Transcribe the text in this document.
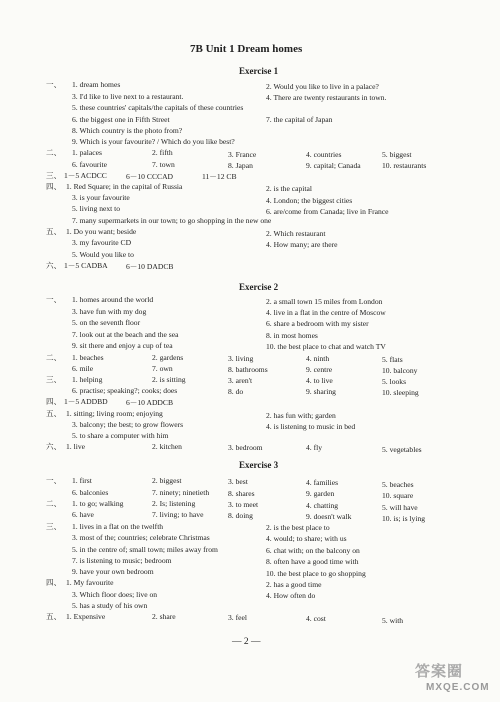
7B Unit 1 Dream homes
Exercise 1
一、 1. dream homes	2. Would you like to live in a palace?
3. I'd like to live next to a restaurant.	4. There are twenty restaurants in town.
5. these countries' capitals/the capitals of these countries
6. the biggest one in Fifth Street	7. the capital of Japan
8. Which country is the photo from?
9. Which is your favourite? / Which do you like best?
二、 1. palaces	2. fifth	3. France	4. countries	5. biggest
6. favourite	7. town	8. Japan	9. capital; Canada	10. restaurants
三、 1－5 ACDCC	6－10 CCCAD	11－12 CB
四、 1. Red Square; in the capital of Russia	2. is the capital
3. is your favourite	4. London; the biggest cities
5. living next to	6. are/come from Canada; live in France
7. many supermarkets in our town; to go shopping in the new one
五、 1. Do you want; beside	2. Which restaurant
3. my favourite CD	4. How many; are there
5. Would you like to
六、 1－5 CADBA 6－10 DADCB
Exercise 2
一、 1. homes around the world	2. a small town 15 miles from London
3. have fun with my dog	4. live in a flat in the centre of Moscow
5. on the seventh floor	6. share a bedroom with my sister
7. look out at the beach and the sea	8. in most homes
9. sit there and enjoy a cup of tea	10. the best place to chat and watch TV
二、 1. beaches	2. gardens	3. living	4. ninth	5. flats
6. mile	7. own	8. bathrooms	9. centre	10. balcony
三、 1. helping	2. is sitting	3. aren't	4. to live	5. looks
6. practise; speaking?; cooks; does	8. do	9. sharing	10. sleeping
四、 1－5 ADDBD 6－10 ADDCB
五、 1. sitting; living room; enjoying	2. has fun with; garden
3. balcony; the best; to grow flowers	4. is listening to music in bed
5. to share a computer with him
六、 1. live	2. kitchen	3. bedroom	4. fly	5. vegetables
Exercise 3
一、 1. first	2. biggest	3. best	4. families	5. beaches
6. balconies	7. ninety; ninetieth 8. shares	9. garden	10. square
二、 1. to go; walking	2. Is; listening	3. to meet	4. chatting	5. will have
6. have	7. living; to have	8. doing	9. doesn't walk	10. is; is lying
三、 1. lives in a flat on the twelfth	2. is the best place to
3. most of the; countries; celebrate Christmas	4. would; to share; with us
5. in the centre of; small town; miles away from	6. chat with; on the balcony on
7. is listening to music; bedroom	8. often have a good time with
9. have your own bedroom	10. the best place to go shopping
四、 1. My favourite	2. has a good time
3. Which floor does; live on	4. How often do
5. has a study of his own
五、 1. Expensive	2. share	3. feel	4. cost	5. with
— 2 —
答案圈
MXQE.COM
